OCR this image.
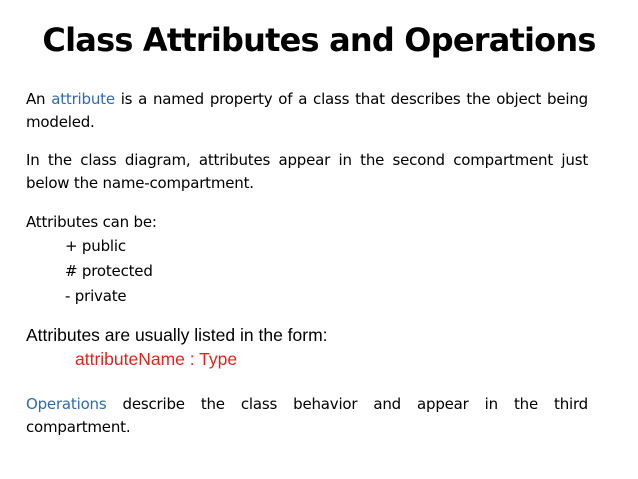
Class Attributes and Operations
An attribute is a named property of a class that describes the object being modeled.
In the class diagram, attributes appear in the second compartment just below the name-compartment.
Attributes can be:
+ public
# protected
- private
Attributes are usually listed in the form:
attributeName : Type
Operations describe the class behavior and appear in the third compartment.
